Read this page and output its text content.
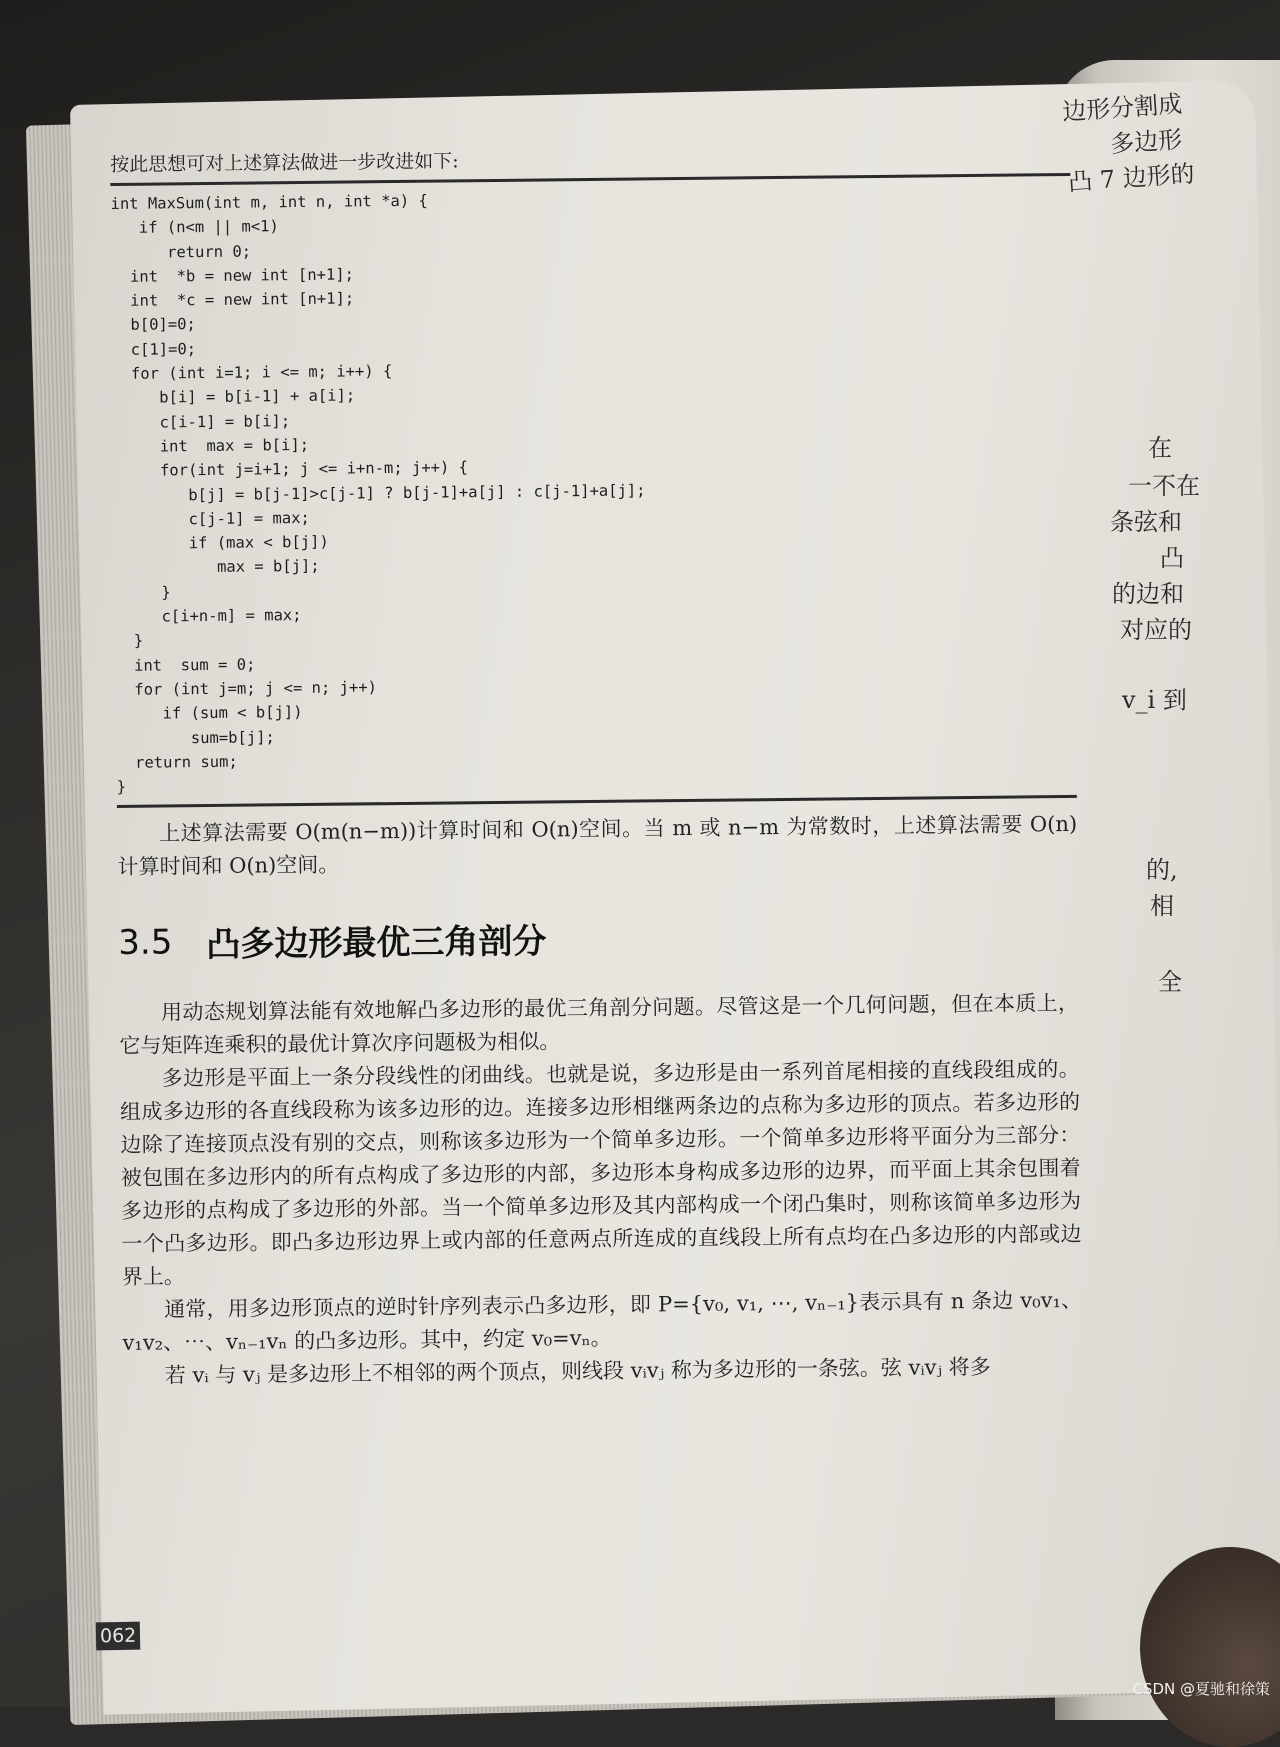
边形分割成
多边形
凸 7 边形的
在
一不在
条弦和
凸
的边和
对应的
v_i 到
的,
相
全

按此思想可对上述算法做进一步改进如下:

int MaxSum(int m, int n, int *a) {
if (n<m || m<1)
return 0;
int  *b = new int [n+1];
int  *c = new int [n+1];
b[0]=0;
c[1]=0;
for (int i=1; i <= m; i++) {
b[i] = b[i-1] + a[i];
c[i-1] = b[i];
int  max = b[i];
for(int j=i+1; j <= i+n-m; j++) {
b[j] = b[j-1]>c[j-1] ? b[j-1]+a[j] : c[j-1]+a[j];
c[j-1] = max;
if (max < b[j])
max = b[j];
}
c[i+n-m] = max;
}
int  sum = 0;
for (int j=m; j <= n; j++)
if (sum < b[j])
sum=b[j];
return sum;
}

上述算法需要 O(m(n−m))计算时间和 O(n)空间。当 m 或 n−m 为常数时，上述算法需要 O(n)计算时间和 O(n)空间。

3.5 凸多边形最优三角剖分

用动态规划算法能有效地解凸多边形的最优三角剖分问题。尽管这是一个几何问题，但在本质上，它与矩阵连乘积的最优计算次序问题极为相似。

多边形是平面上一条分段线性的闭曲线。也就是说，多边形是由一系列首尾相接的直线段组成的。组成多边形的各直线段称为该多边形的边。连接多边形相继两条边的点称为多边形的顶点。若多边形的边除了连接顶点没有别的交点，则称该多边形为一个简单多边形。一个简单多边形将平面分为三部分：被包围在多边形内的所有点构成了多边形的内部，多边形本身构成多边形的边界，而平面上其余包围着多边形的点构成了多边形的外部。当一个简单多边形及其内部构成一个闭凸集时，则称该简单多边形为一个凸多边形。即凸多边形边界上或内部的任意两点所连成的直线段上所有点均在凸多边形的内部或边界上。

通常，用多边形顶点的逆时针序列表示凸多边形，即 P={v₀, v₁, ⋯, vₙ₋₁}表示具有 n 条边 v₀v₁、v₁v₂、⋯、vₙ₋₁vₙ 的凸多边形。其中，约定 v₀=vₙ。

若 vᵢ 与 vⱼ 是多边形上不相邻的两个顶点，则线段 vᵢvⱼ 称为多边形的一条弦。弦 vᵢvⱼ 将多

062
CSDN @夏驰和徐策
